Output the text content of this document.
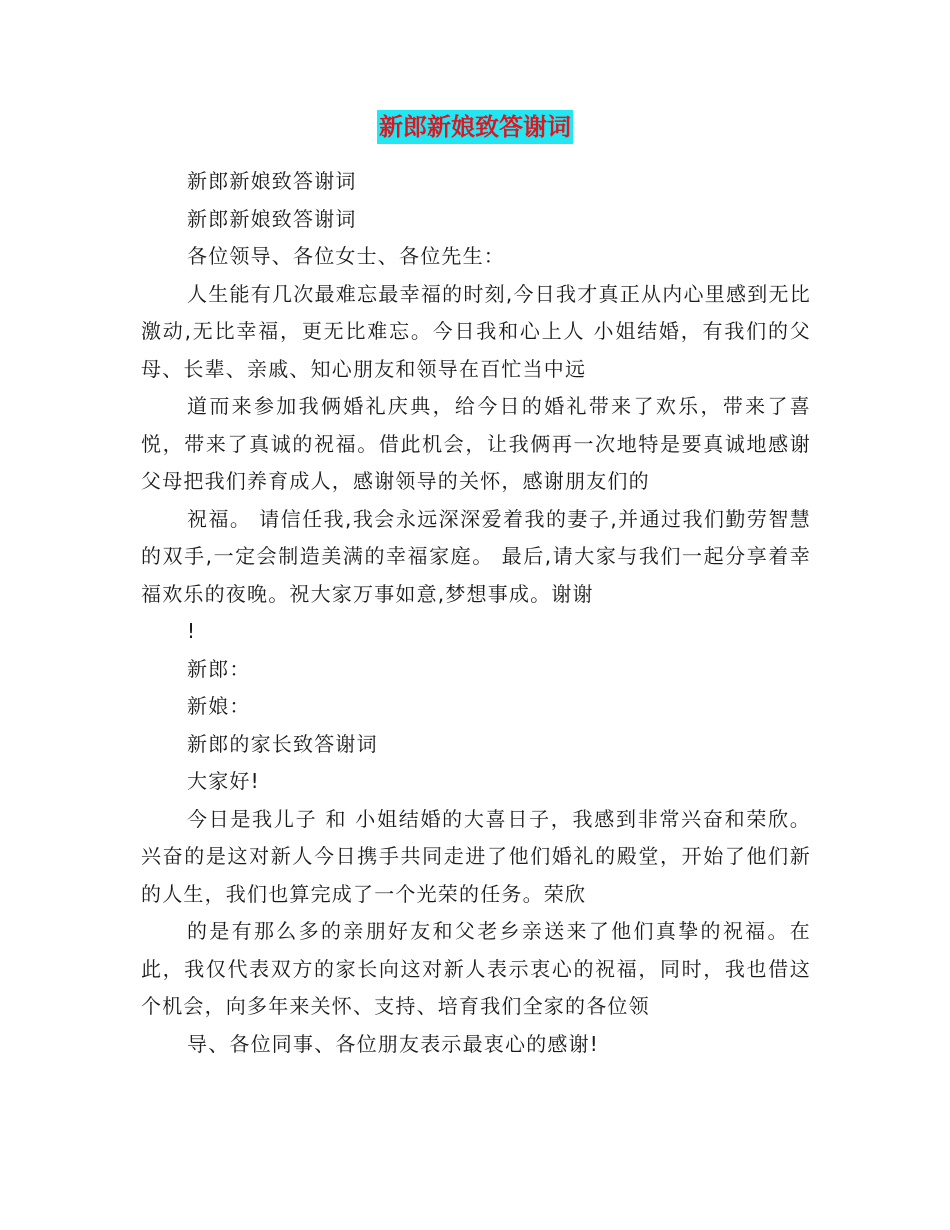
新郎新娘致答谢词

新郎新娘致答谢词

新郎新娘致答谢词

各位领导、各位女士、各位先生：

人生能有几次最难忘最幸福的时刻,今日我才真正从内心里感到无比激动,无比幸福，更无比难忘。今日我和心上人 小姐结婚，有我们的父母、长辈、亲戚、知心朋友和领导在百忙当中远

道而来参加我俩婚礼庆典，给今日的婚礼带来了欢乐，带来了喜悦，带来了真诚的祝福。借此机会，让我俩再一次地特是要真诚地感谢父母把我们养育成人，感谢领导的关怀，感谢朋友们的

祝福。 请信任我,我会永远深深爱着我的妻子,并通过我们勤劳智慧的双手,一定会制造美满的幸福家庭。 最后,请大家与我们一起分享着幸福欢乐的夜晚。祝大家万事如意,梦想事成。谢谢

!

新郎：

新娘：

新郎的家长致答谢词

大家好!

今日是我儿子 和 小姐结婚的大喜日子，我感到非常兴奋和荣欣。兴奋的是这对新人今日携手共同走进了他们婚礼的殿堂，开始了他们新的人生，我们也算完成了一个光荣的任务。荣欣

的是有那么多的亲朋好友和父老乡亲送来了他们真挚的祝福。在此，我仅代表双方的家长向这对新人表示衷心的祝福，同时，我也借这个机会，向多年来关怀、支持、培育我们全家的各位领

导、各位同事、各位朋友表示最衷心的感谢!
